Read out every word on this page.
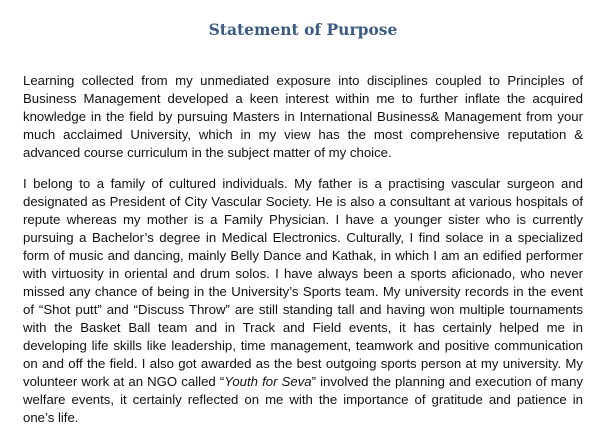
Statement of Purpose

Learning collected from my unmediated exposure into disciplines coupled to Principles of Business Management developed a keen interest within me to further inflate the acquired knowledge in the field by pursuing Masters in International Business& Management from your much acclaimed University, which in my view has the most comprehensive reputation & advanced course curriculum in the subject matter of my choice.

I belong to a family of cultured individuals. My father is a practising vascular surgeon and designated as President of City Vascular Society. He is also a consultant at various hospitals of repute whereas my mother is a Family Physician. I have a younger sister who is currently pursuing a Bachelor’s degree in Medical Electronics. Culturally, I find solace in a specialized form of music and dancing, mainly Belly Dance and Kathak, in which I am an edified performer with virtuosity in oriental and drum solos. I have always been a sports aficionado, who never missed any chance of being in the University’s Sports team. My university records in the event of “Shot putt” and “Discuss Throw” are still standing tall and having won multiple tournaments with the Basket Ball team and in Track and Field events, it has certainly helped me in developing life skills like leadership, time management, teamwork and positive communication on and off the field. I also got awarded as the best outgoing sports person at my university. My volunteer work at an NGO called “Youth for Seva” involved the planning and execution of many welfare events, it certainly reflected on me with the importance of gratitude and patience in one’s life.
